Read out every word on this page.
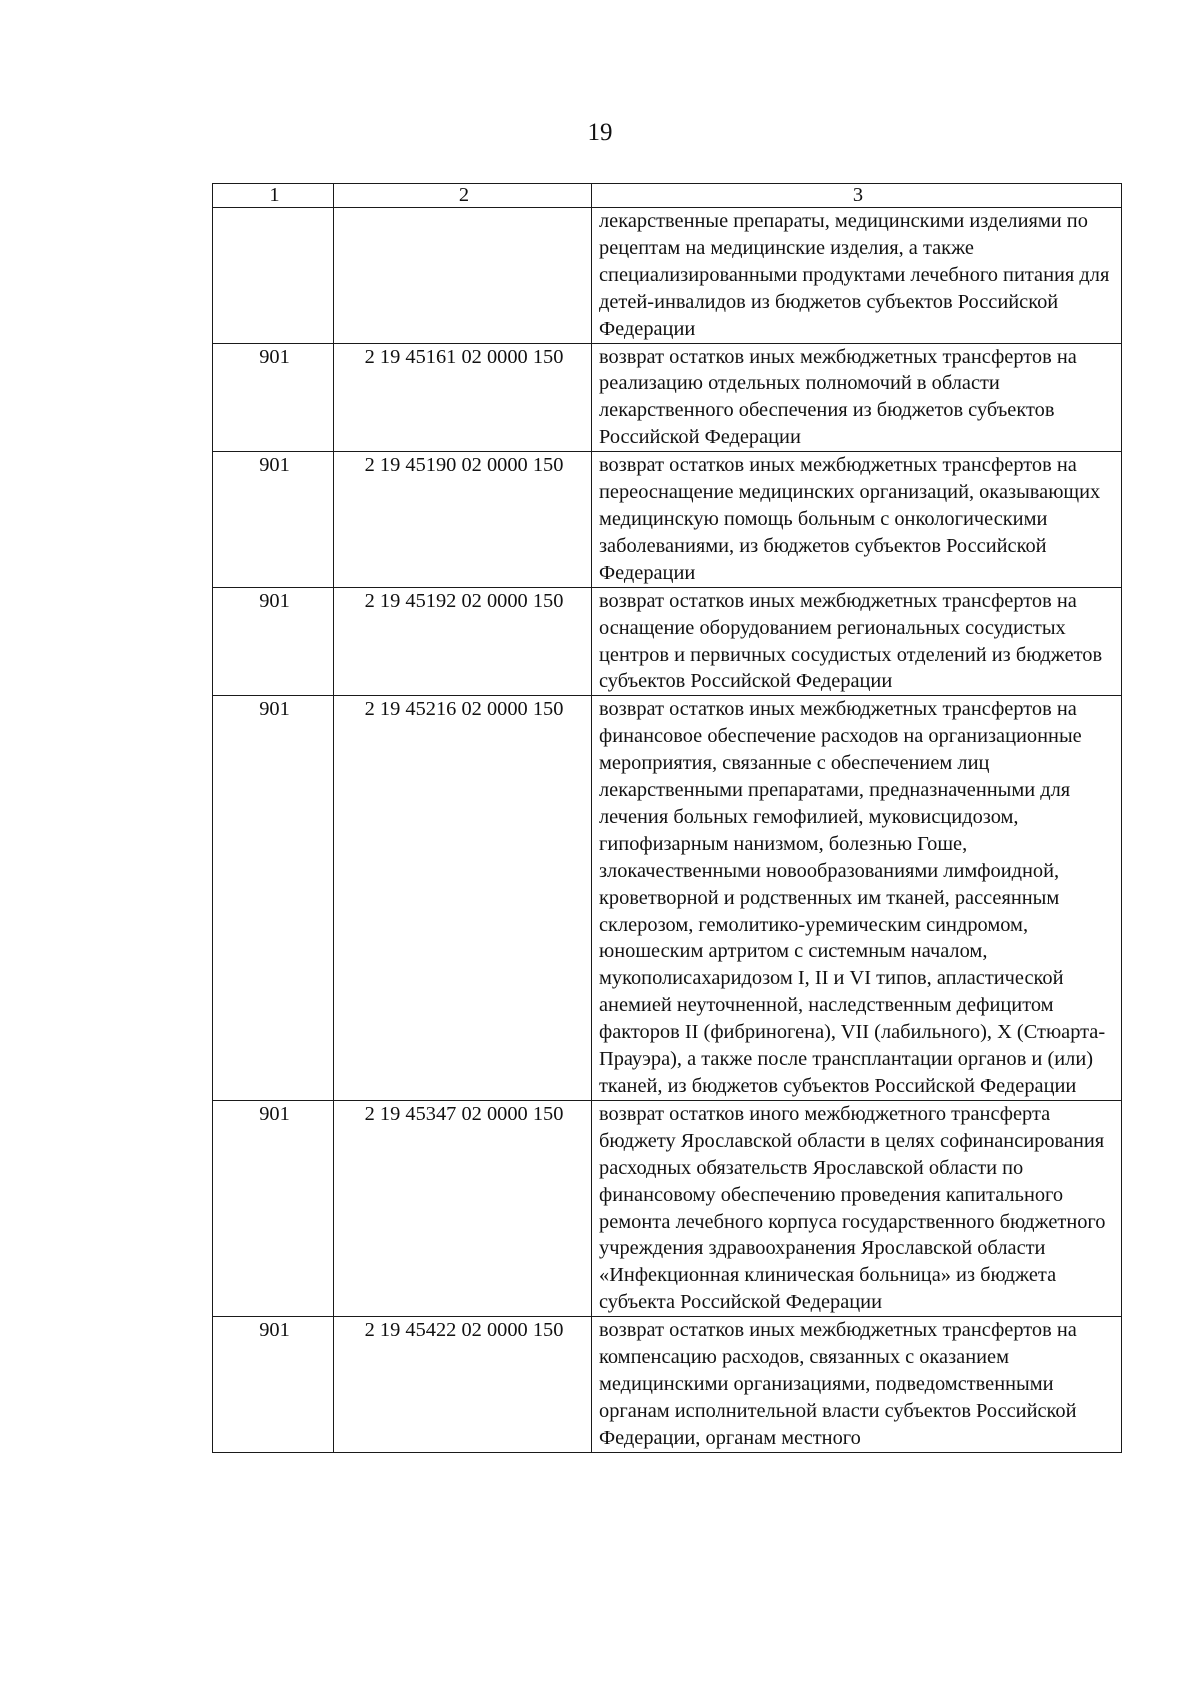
19
1	2	3
		лекарственные препараты, медицинскими изделиями по рецептам на медицинские изделия, а также специализированными продуктами лечебного питания для детей-инвалидов из бюджетов субъектов Российской Федерации
901	2 19 45161 02 0000 150	возврат остатков иных межбюджетных трансфертов на реализацию отдельных полномочий в области лекарственного обеспечения из бюджетов субъектов Российской Федерации
901	2 19 45190 02 0000 150	возврат остатков иных межбюджетных трансфертов на переоснащение медицинских организаций, оказывающих медицинскую помощь больным с онкологическими заболеваниями, из бюджетов субъектов Российской Федерации
901	2 19 45192 02 0000 150	возврат остатков иных межбюджетных трансфертов на оснащение оборудованием региональных сосудистых центров и первичных сосудистых отделений из бюджетов субъектов Российской Федерации
901	2 19 45216 02 0000 150	возврат остатков иных межбюджетных трансфертов на финансовое обеспечение расходов на организационные мероприятия, связанные с обеспечением лиц лекарственными препаратами, предназначенными для лечения больных гемофилией, муковисцидозом, гипофизарным нанизмом, болезнью Гоше, злокачественными новообразованиями лимфоидной, кроветворной и родственных им тканей, рассеянным склерозом, гемолитико-уремическим синдромом, юношеским артритом с системным началом, мукополисахаридозом I, II и VI типов, апластической анемией неуточненной, наследственным дефицитом факторов II (фибриногена), VII (лабильного), X (Стюарта-Прауэра), а также после трансплантации органов и (или) тканей, из бюджетов субъектов Российской Федерации
901	2 19 45347 02 0000 150	возврат остатков иного межбюджетного трансферта бюджету Ярославской области в целях софинансирования расходных обязательств Ярославской области по финансовому обеспечению проведения капитального ремонта лечебного корпуса государственного бюджетного учреждения здравоохранения Ярославской области «Инфекционная клиническая больница» из бюджета субъекта Российской Федерации
901	2 19 45422 02 0000 150	возврат остатков иных межбюджетных трансфертов на компенсацию расходов, связанных с оказанием медицинскими организациями, подведомственными органам исполнительной власти субъектов Российской Федерации, органам местного
